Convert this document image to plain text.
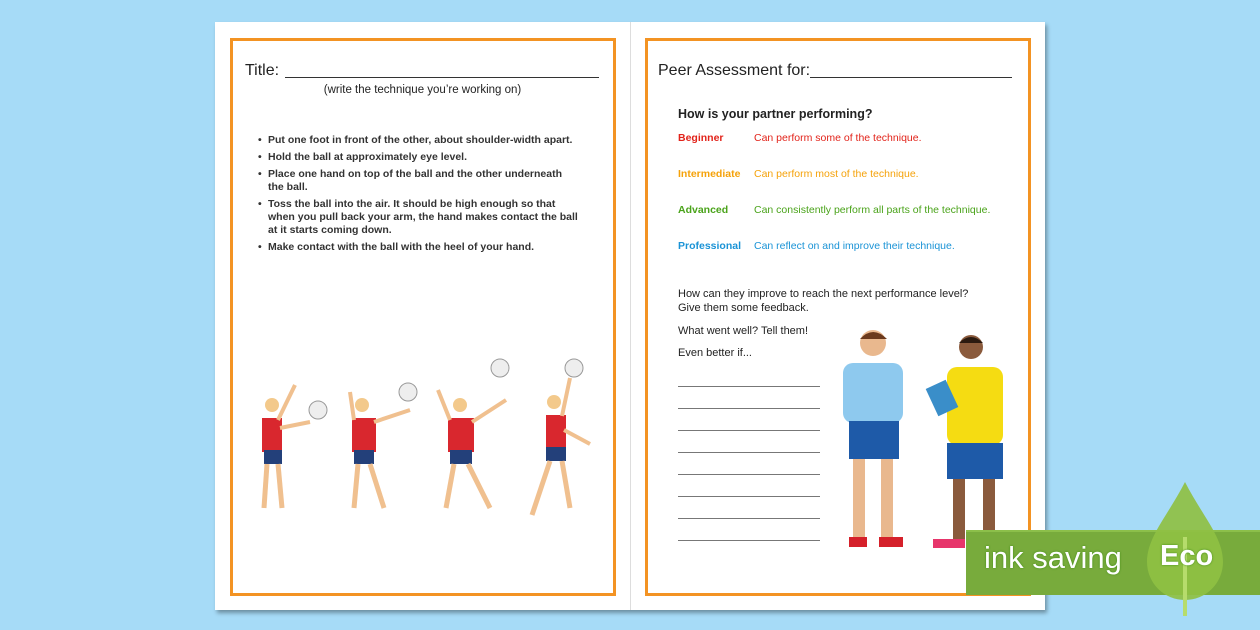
Title:
(write the technique you’re working on)
• Put one foot in front of the other, about shoulder-width apart.
• Hold the ball at approximately eye level.
• Place one hand on top of the ball and the other underneath the ball.
• Toss the ball into the air. It should be high enough so that when you pull back your arm, the hand makes contact the ball at it starts coming down.
• Make contact with the ball with the heel of your hand.
Peer Assessment for:
How is your partner performing?
Beginner	Can perform some of the technique.
Intermediate Can perform most of the technique.
Advanced Can consistently perform all parts of the technique.
Professional Can reflect on and improve their technique.
How can they improve to reach the next performance level? Give them some feedback.
What went well? Tell them!
Even better if...
ink saving Eco
